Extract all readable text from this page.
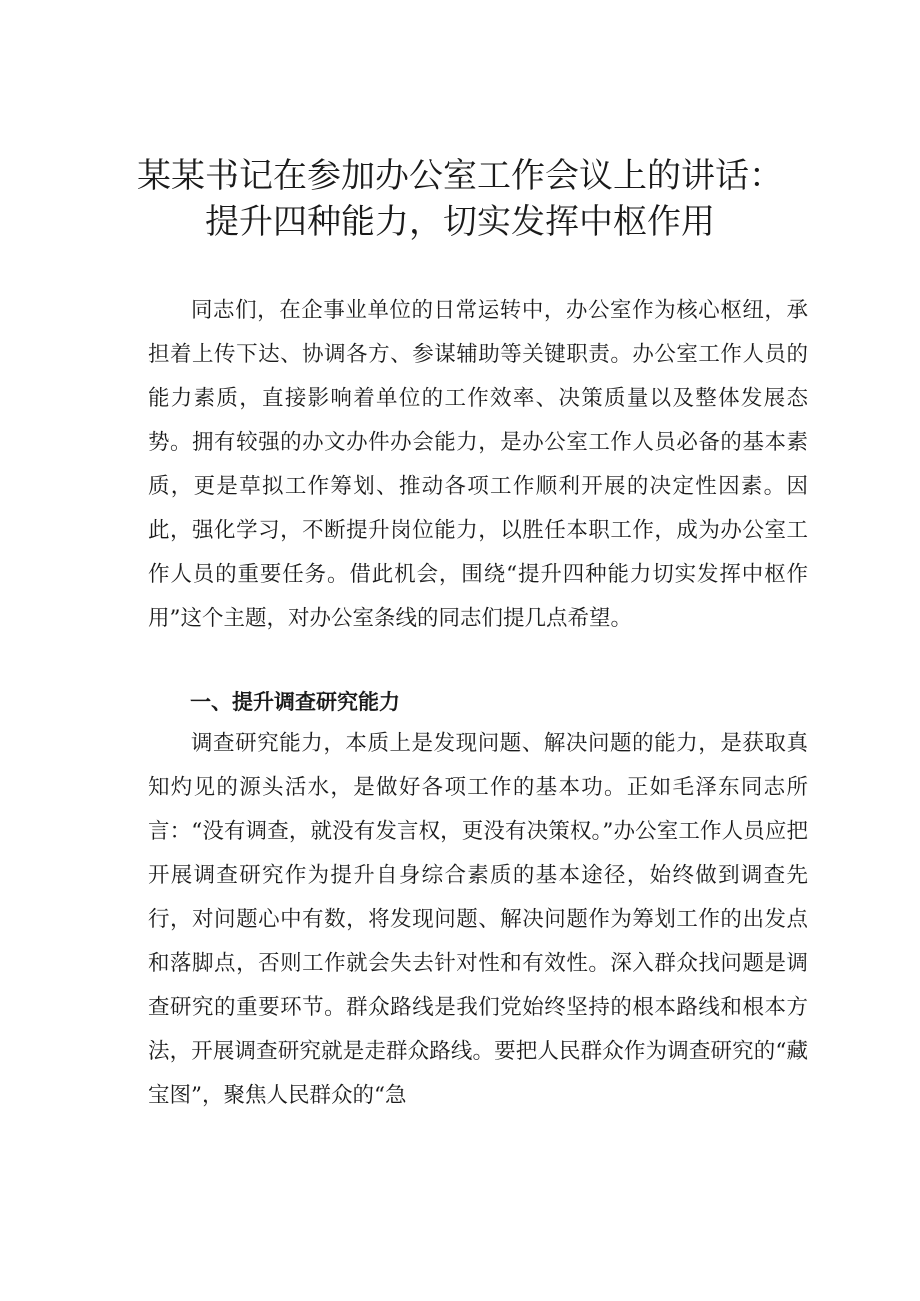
某某书记在参加办公室工作会议上的讲话：
提升四种能力，切实发挥中枢作用

同志们，在企事业单位的日常运转中，办公室作为核心枢纽，承担着上传下达、协调各方、参谋辅助等关键职责。办公室工作人员的能力素质，直接影响着单位的工作效率、决策质量以及整体发展态势。拥有较强的办文办件办会能力，是办公室工作人员必备的基本素质，更是草拟工作筹划、推动各项工作顺利开展的决定性因素。因此，强化学习，不断提升岗位能力，以胜任本职工作，成为办公室工作人员的重要任务。借此机会，围绕“提升四种能力切实发挥中枢作用”这个主题，对办公室条线的同志们提几点希望。

一、提升调查研究能力

调查研究能力，本质上是发现问题、解决问题的能力，是获取真知灼见的源头活水，是做好各项工作的基本功。正如毛泽东同志所言：“没有调查，就没有发言权，更没有决策权。”办公室工作人员应把开展调查研究作为提升自身综合素质的基本途径，始终做到调查先行，对问题心中有数，将发现问题、解决问题作为筹划工作的出发点和落脚点，否则工作就会失去针对性和有效性。深入群众找问题是调查研究的重要环节。群众路线是我们党始终坚持的根本路线和根本方法，开展调查研究就是走群众路线。要把人民群众作为调查研究的“藏宝图”，聚焦人民群众的“急
